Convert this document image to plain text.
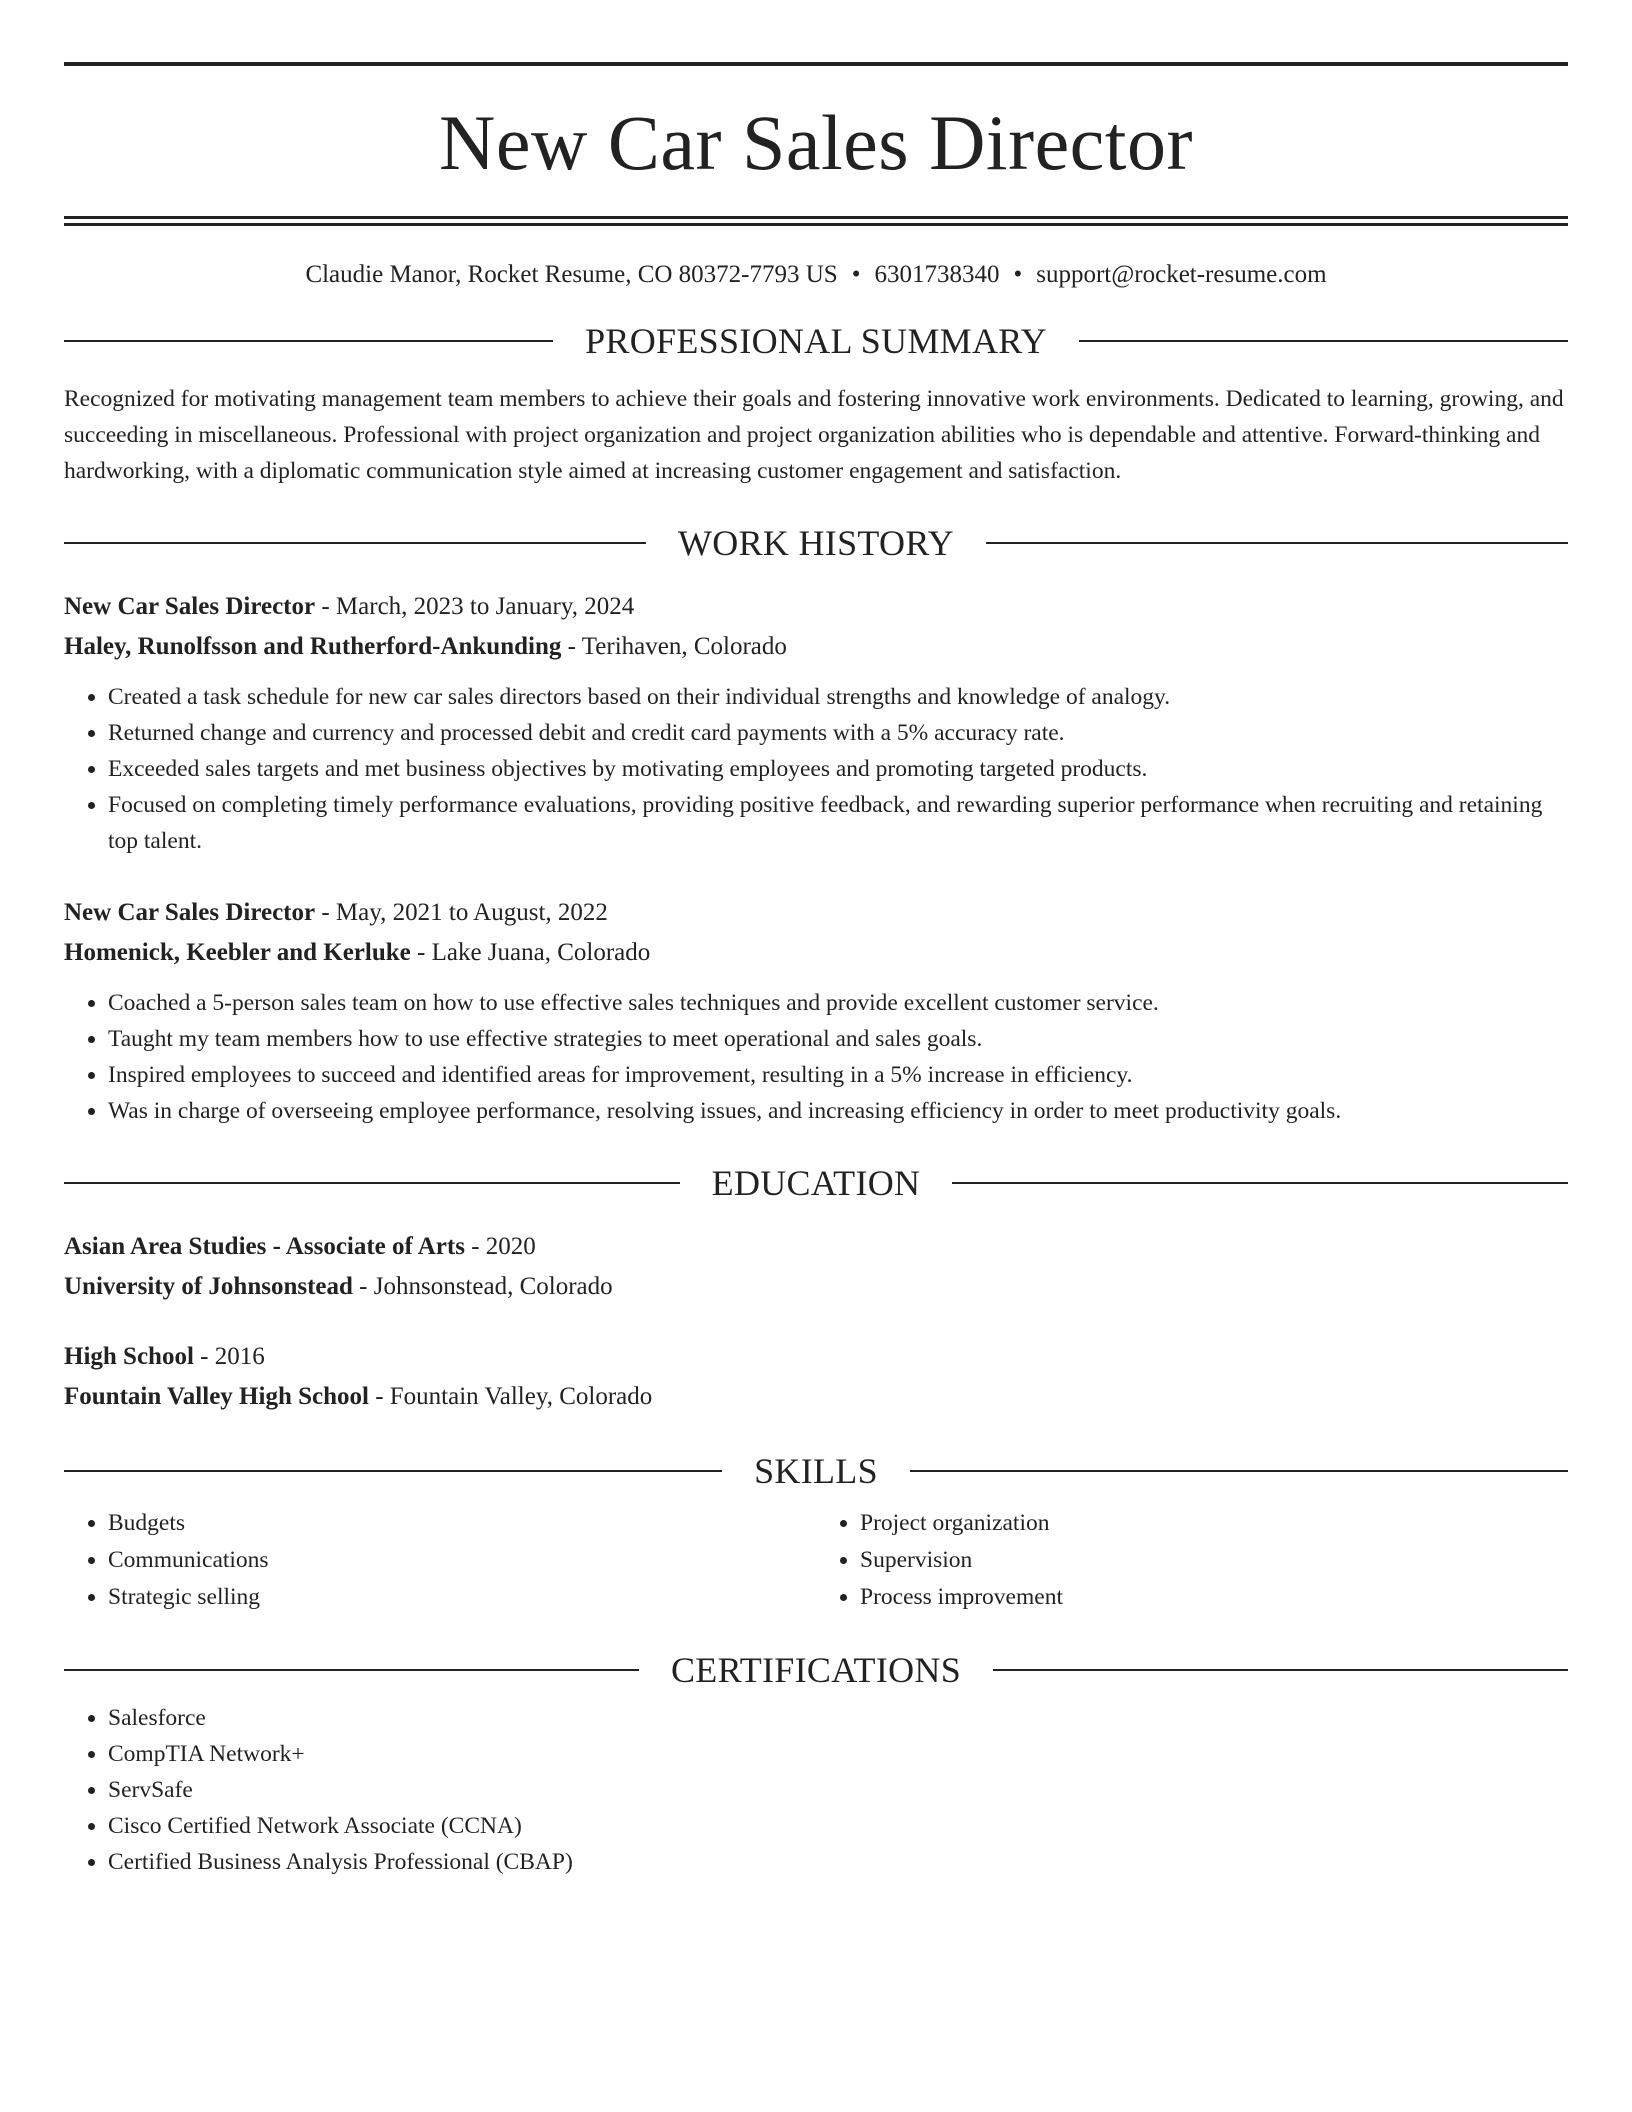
New Car Sales Director
Claudie Manor, Rocket Resume, CO 80372-7793 US • 6301738340 • support@rocket-resume.com
PROFESSIONAL SUMMARY
Recognized for motivating management team members to achieve their goals and fostering innovative work environments. Dedicated to learning, growing, and succeeding in miscellaneous. Professional with project organization and project organization abilities who is dependable and attentive. Forward-thinking and hardworking, with a diplomatic communication style aimed at increasing customer engagement and satisfaction.
WORK HISTORY
New Car Sales Director - March, 2023 to January, 2024
Haley, Runolfsson and Rutherford-Ankunding - Terihaven, Colorado
• Created a task schedule for new car sales directors based on their individual strengths and knowledge of analogy.
• Returned change and currency and processed debit and credit card payments with a 5% accuracy rate.
• Exceeded sales targets and met business objectives by motivating employees and promoting targeted products.
• Focused on completing timely performance evaluations, providing positive feedback, and rewarding superior performance when recruiting and retaining top talent.
New Car Sales Director - May, 2021 to August, 2022
Homenick, Keebler and Kerluke - Lake Juana, Colorado
• Coached a 5-person sales team on how to use effective sales techniques and provide excellent customer service.
• Taught my team members how to use effective strategies to meet operational and sales goals.
• Inspired employees to succeed and identified areas for improvement, resulting in a 5% increase in efficiency.
• Was in charge of overseeing employee performance, resolving issues, and increasing efficiency in order to meet productivity goals.
EDUCATION
Asian Area Studies - Associate of Arts - 2020
University of Johnsonstead - Johnsonstead, Colorado
High School - 2016
Fountain Valley High School - Fountain Valley, Colorado
SKILLS
• Budgets
• Communications
• Strategic selling
• Project organization
• Supervision
• Process improvement
CERTIFICATIONS
• Salesforce
• CompTIA Network+
• ServSafe
• Cisco Certified Network Associate (CCNA)
• Certified Business Analysis Professional (CBAP)
